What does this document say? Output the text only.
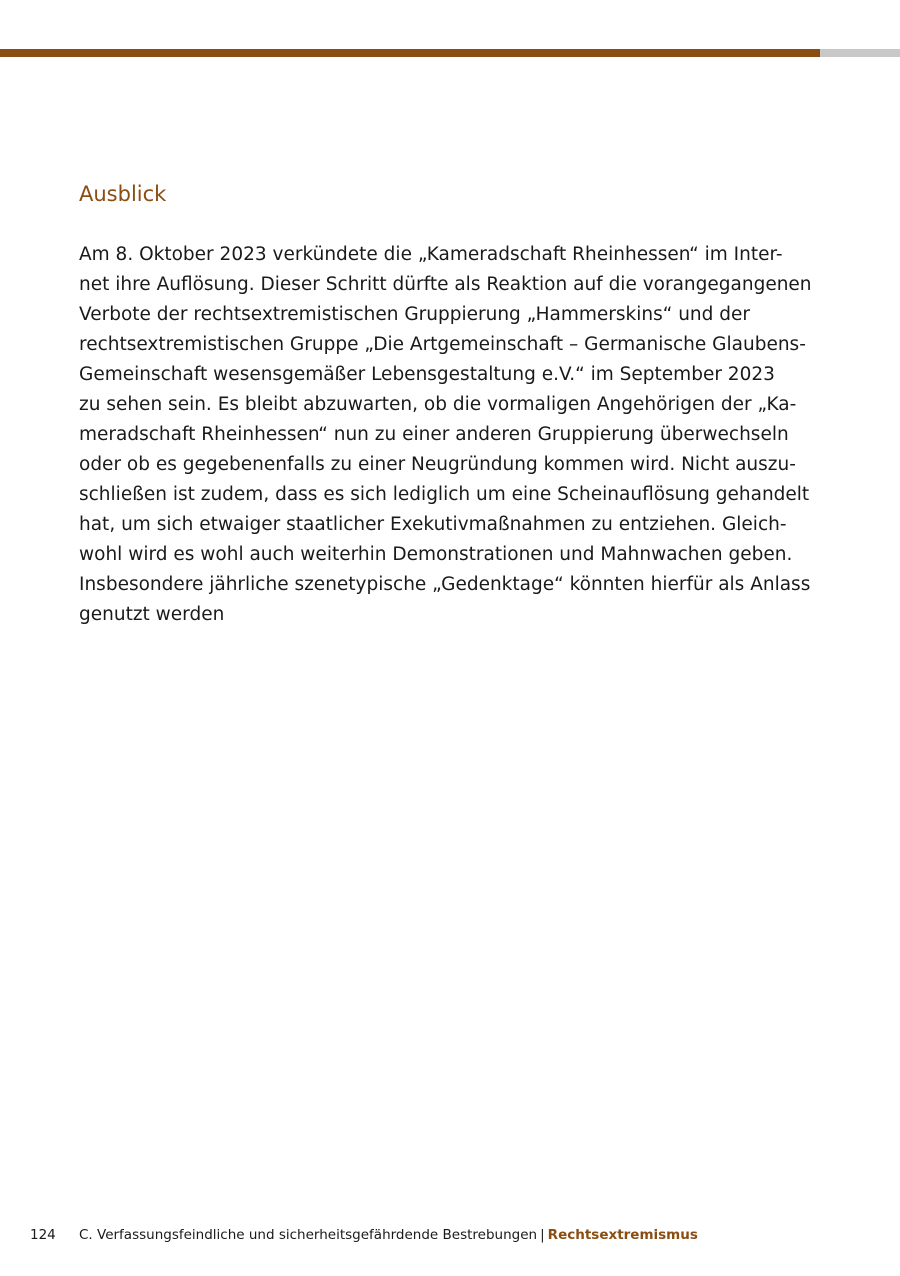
Ausblick
Am 8. Oktober 2023 verkündete die „Kameradschaft Rheinhessen“ im Inter-
net ihre Auflösung. Dieser Schritt dürfte als Reaktion auf die vorangegangenen
Verbote der rechtsextremistischen Gruppierung „Hammerskins“ und der
rechtsextremistischen Gruppe „Die Artgemeinschaft – Germanische Glaubens-
Gemeinschaft wesensgemäßer Lebensgestaltung e.V.“ im September 2023
zu sehen sein. Es bleibt abzuwarten, ob die vormaligen Angehörigen der „Ka-
meradschaft Rheinhessen“ nun zu einer anderen Gruppierung überwechseln
oder ob es gegebenenfalls zu einer Neugründung kommen wird. Nicht auszu-
schließen ist zudem, dass es sich lediglich um eine Scheinauflösung gehandelt
hat, um sich etwaiger staatlicher Exekutivmaßnahmen zu entziehen. Gleich-
wohl wird es wohl auch weiterhin Demonstrationen und Mahnwachen geben.
Insbesondere jährliche szenetypische „Gedenktage“ könnten hierfür als Anlass
genutzt werden
124 C. Verfassungsfeindliche und sicherheitsgefährdende Bestrebungen | Rechtsextremismus
